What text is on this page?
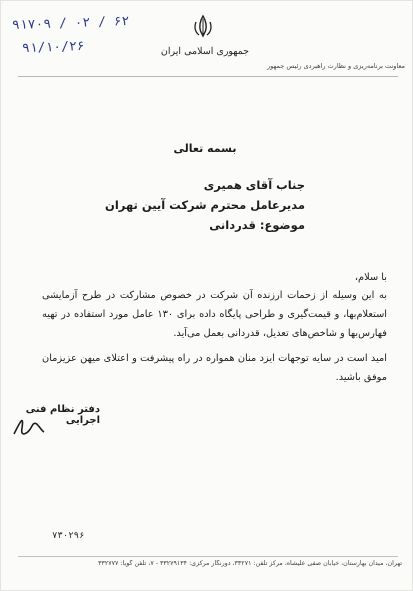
۹۱۷۰۹ / ۰۲ / ۶۲
۹۱/۱۰/۲۶	جمهوری اسلامی ایران
معاونت برنامه‌ریزی و نظارت راهبردی رئیس جمهور
بسمه تعالی
جناب آقای همیری
مدیرعامل محترم شرکت آیین تهران
موضوع: قدردانی
با سلام،
به این وسیله از زحمات ارزنده آن شرکت در خصوص مشارکت در طرح آزمایشی استعلام‌بها، و قیمت‌گیری و طراحی پایگاه داده برای ۱۳۰ عامل مورد استفاده در تهیه فهارس‌بها و شاخص‌های تعدیل، قدردانی بعمل می‌آید.
امید است در سایه توجهات ایزد منان همواره در راه پیشرفت و اعتلای میهن عزیزمان موفق باشید.
دفتر نظام فنی اجرایی
۷۳۰۲۹۶
تهران، میدان بهارستان، خیابان صفی علیشاه، مرکز تلفن: ۳۳۲۷۱، دورنگار مرکزی: ۳۳۲۷۹۱۳۴ - ۷، تلفن گویا: ۳۳۲۷۷۷
